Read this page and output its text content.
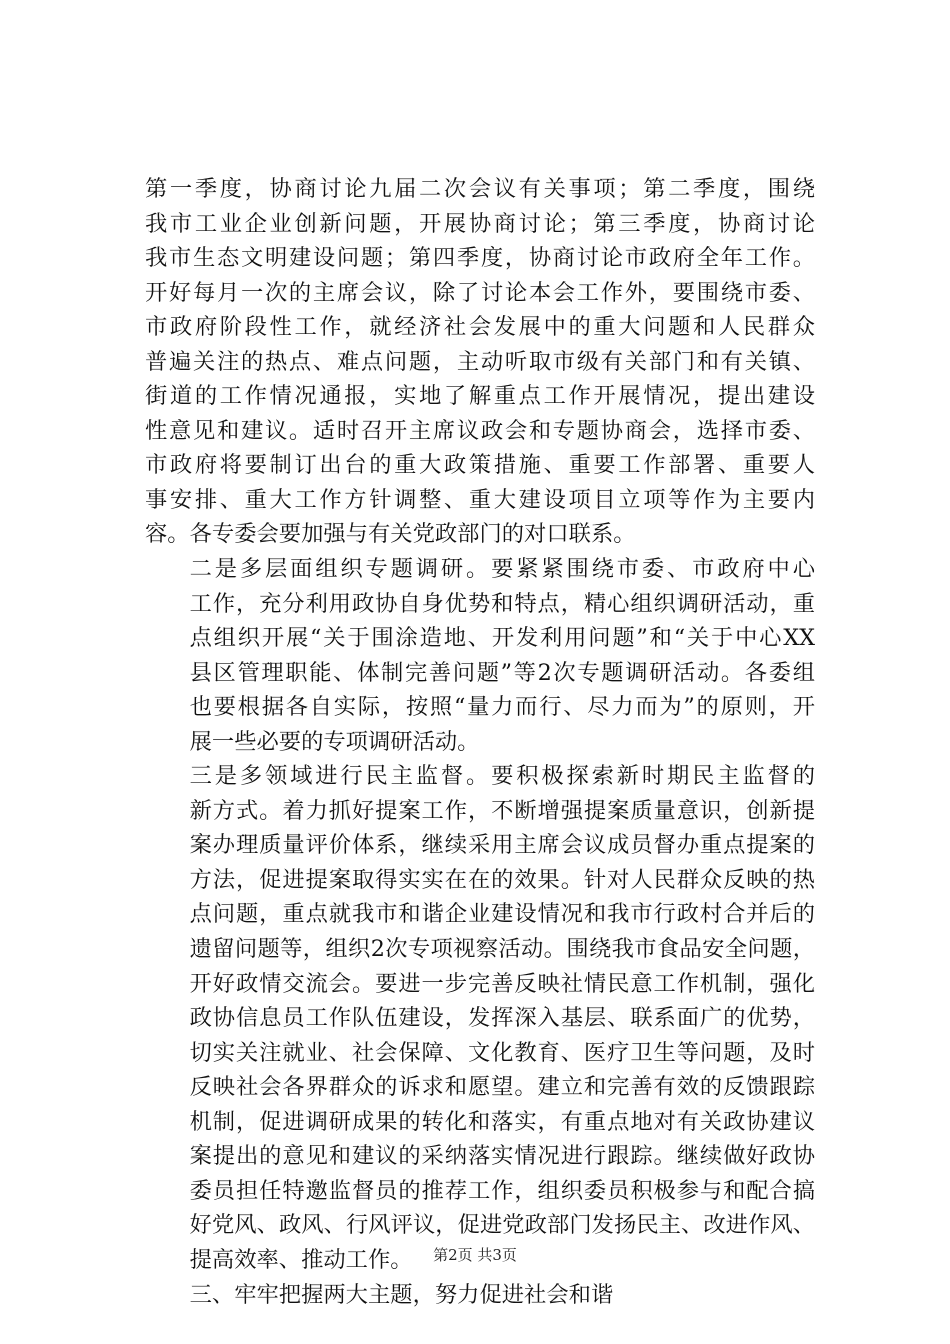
第一季度，协商讨论九届二次会议有关事项；第二季度，围绕
我市工业企业创新问题，开展协商讨论；第三季度，协商讨论
我市生态文明建设问题；第四季度，协商讨论市政府全年工作。
开好每月一次的主席会议，除了讨论本会工作外，要围绕市委、
市政府阶段性工作，就经济社会发展中的重大问题和人民群众
普遍关注的热点、难点问题，主动听取市级有关部门和有关镇、
街道的工作情况通报，实地了解重点工作开展情况，提出建设
性意见和建议。适时召开主席议政会和专题协商会，选择市委、
市政府将要制订出台的重大政策措施、重要工作部署、重要人
事安排、重大工作方针调整、重大建设项目立项等作为主要内
容。各专委会要加强与有关党政部门的对口联系。
二是多层面组织专题调研。要紧紧围绕市委、市政府中心
工作，充分利用政协自身优势和特点，精心组织调研活动，重
点组织开展“关于围涂造地、开发利用问题”和“关于中心XX
县区管理职能、体制完善问题”等2次专题调研活动。各委组
也要根据各自实际，按照“量力而行、尽力而为”的原则，开
展一些必要的专项调研活动。
三是多领域进行民主监督。要积极探索新时期民主监督的
新方式。着力抓好提案工作，不断增强提案质量意识，创新提
案办理质量评价体系，继续采用主席会议成员督办重点提案的
方法，促进提案取得实实在在的效果。针对人民群众反映的热
点问题，重点就我市和谐企业建设情况和我市行政村合并后的
遗留问题等，组织2次专项视察活动。围绕我市食品安全问题，
开好政情交流会。要进一步完善反映社情民意工作机制，强化
政协信息员工作队伍建设，发挥深入基层、联系面广的优势，
切实关注就业、社会保障、文化教育、医疗卫生等问题，及时
反映社会各界群众的诉求和愿望。建立和完善有效的反馈跟踪
机制，促进调研成果的转化和落实，有重点地对有关政协建议
案提出的意见和建议的采纳落实情况进行跟踪。继续做好政协
委员担任特邀监督员的推荐工作，组织委员积极参与和配合搞
好党风、政风、行风评议，促进党政部门发扬民主、改进作风、
提高效率、推动工作。
三、牢牢把握两大主题，努力促进社会和谐
第2页 共3页
